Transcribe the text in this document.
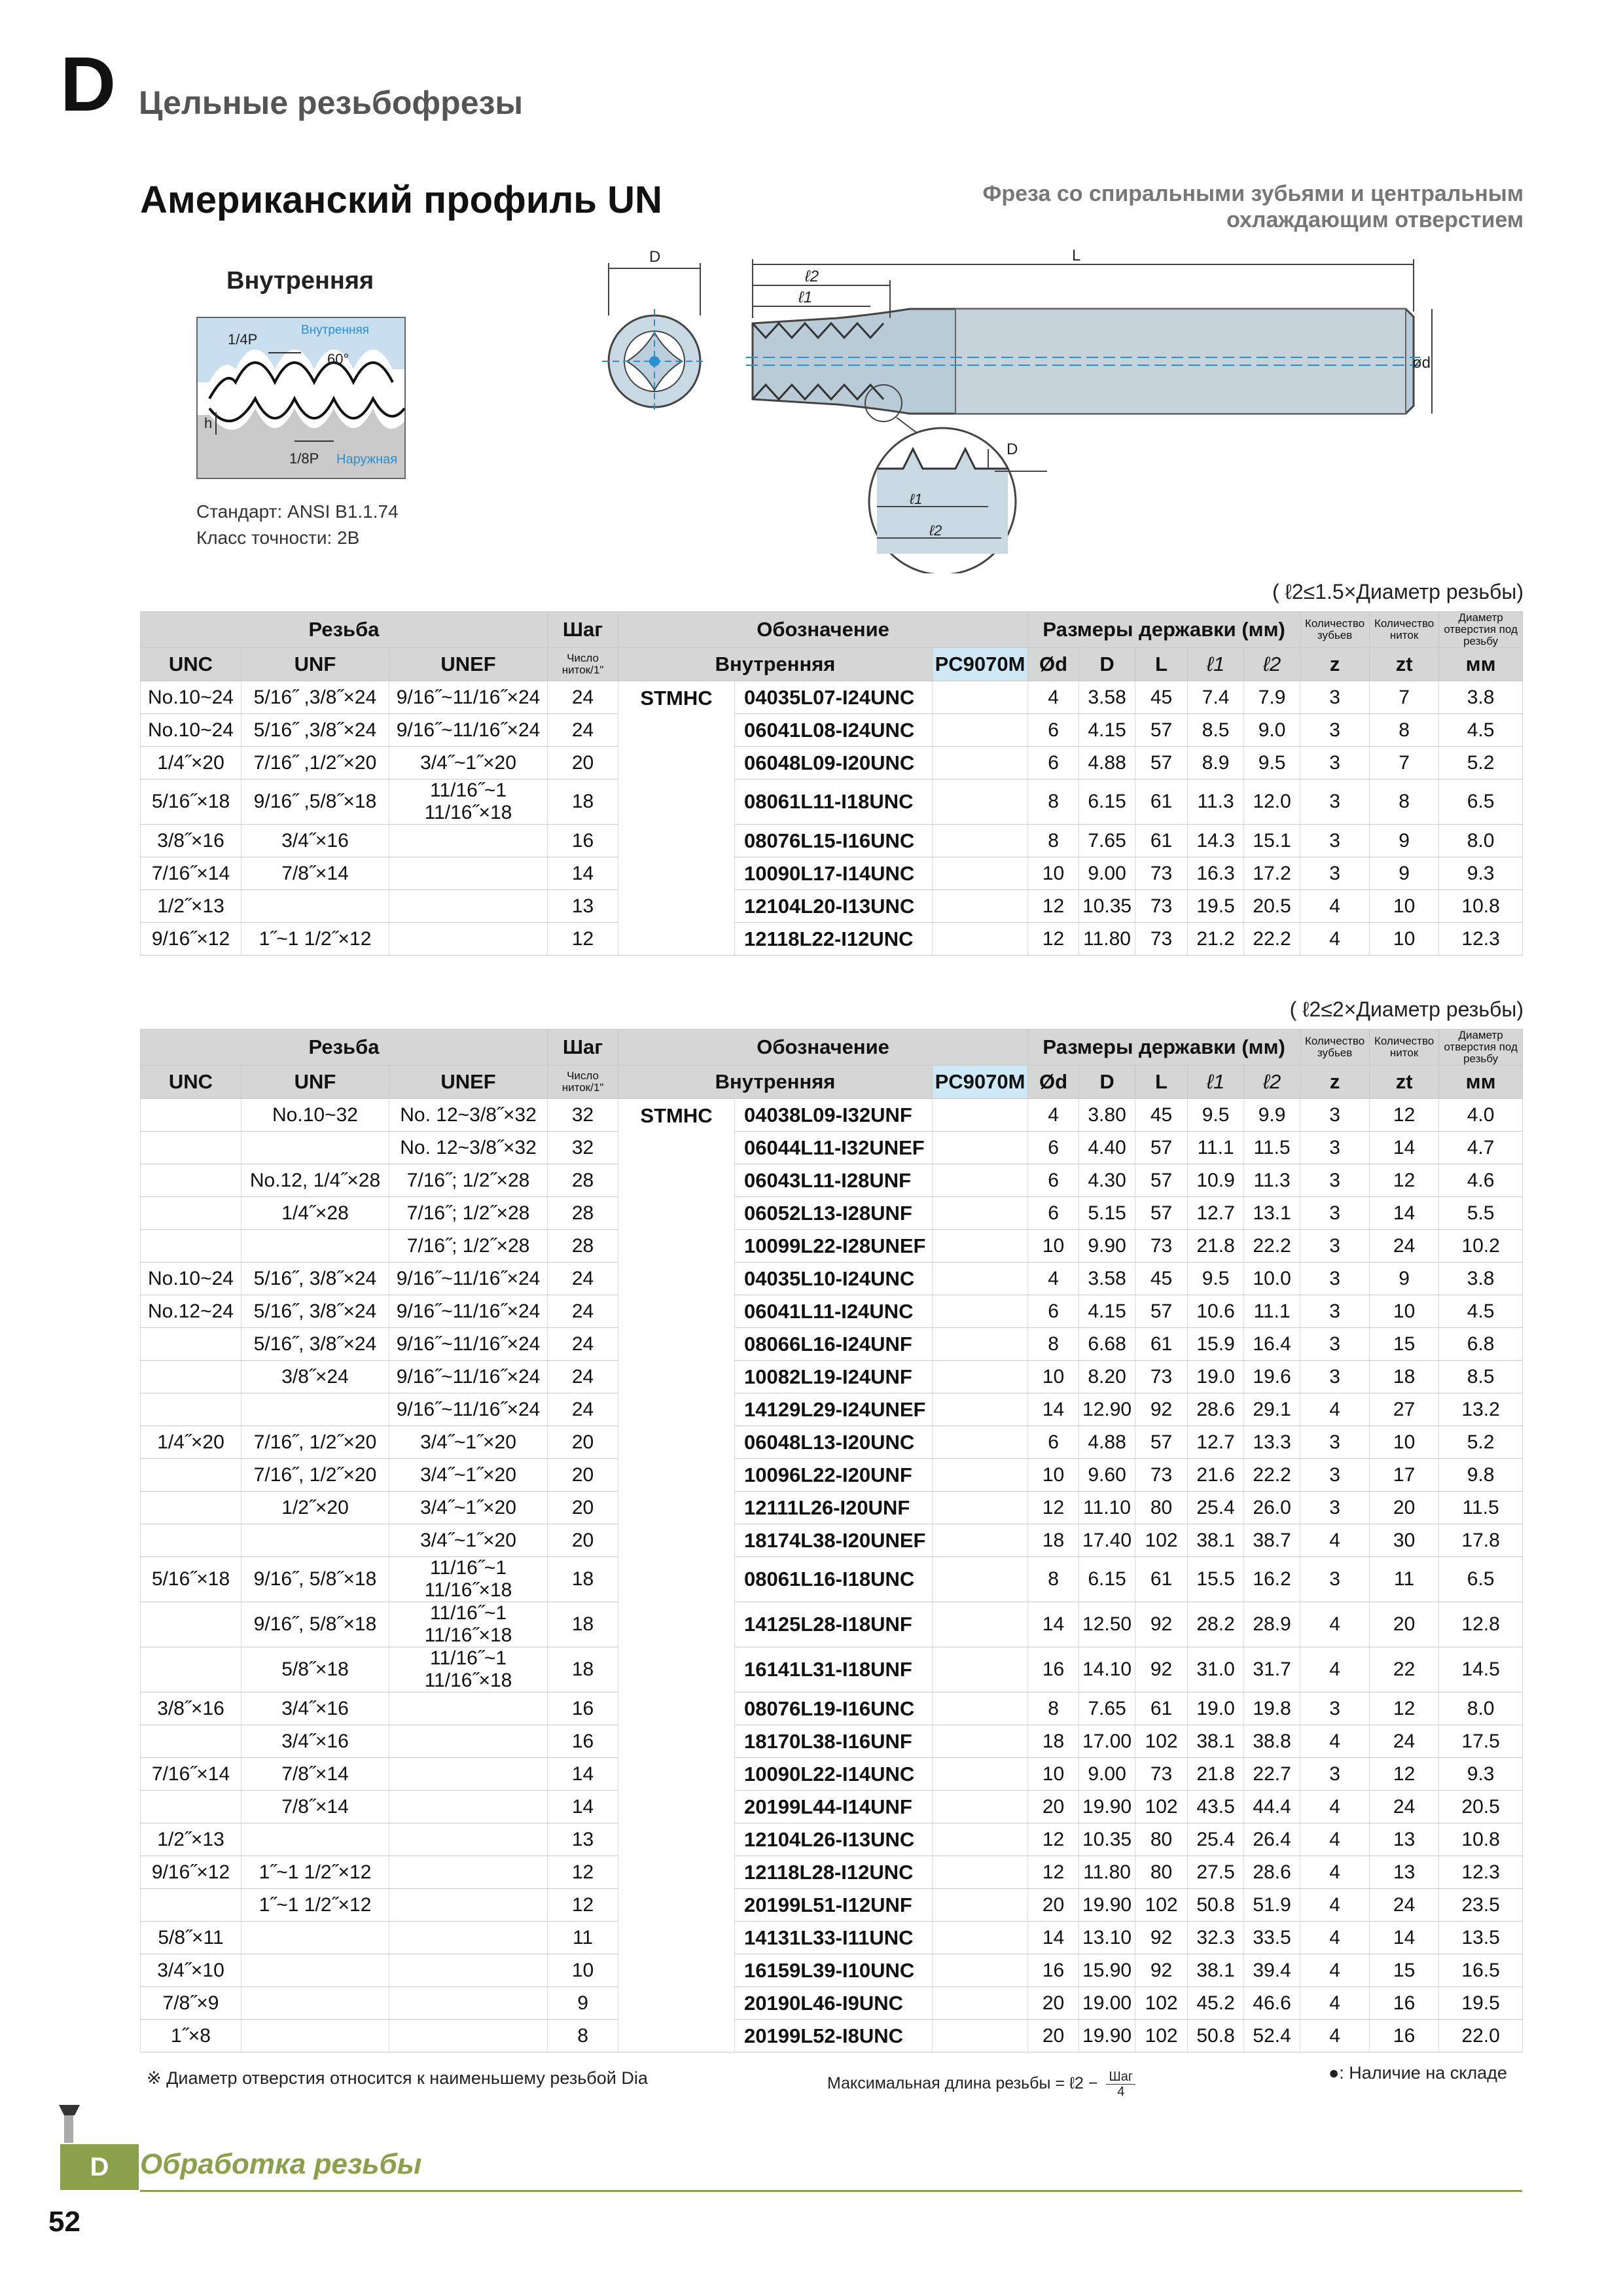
D Цельные резьбофрезы
Американский профиль UN	Фреза со спиральными зубьями и центральным
охлаждающим отверстием
Внутренняя
1/4P
Внутренняя
60°
h
1/8P Наружная
Стандарт: ANSI B1.1.74
Класс точности: 2B
D	L
ℓ2
ℓ1
ød
D
ℓ1
ℓ2
( ℓ2≤1.5×Диаметр резьбы)
Резьба			Шаг	Обозначение			Размеры державки (мм)					Количество зубьев	Количество ниток	Диаметр отверстия под резьбу
UNC	UNF	UNEF	Число ниток/1"	Внутренняя		PC9070M	Ød	D	L	ℓ1	ℓ2	z	zt	мм
No.10~24	5/16˝ ,3/8˝×24	9/16˝~11/16˝×24	24	STMHC	04035L07-I24UNC		4	3.58	45	7.4	7.9	3	7	3.8
No.10~24	5/16˝ ,3/8˝×24	9/16˝~11/16˝×24	24		06041L08-I24UNC		6	4.15	57	8.5	9.0	3	8	4.5
1/4˝×20	7/16˝ ,1/2˝×20	3/4˝~1˝×20	20		06048L09-I20UNC		6	4.88	57	8.9	9.5	3	7	5.2
5/16˝×18	9/16˝ ,5/8˝×18	11/16˝~1 11/16˝×18	18		08061L11-I18UNC		8	6.15	61	11.3	12.0	3	8	6.5
3/8˝×16	3/4˝×16		16		08076L15-I16UNC		8	7.65	61	14.3	15.1	3	9	8.0
7/16˝×14	7/8˝×14		14		10090L17-I14UNC		10	9.00	73	16.3	17.2	3	9	9.3
1/2˝×13			13		12104L20-I13UNC		12	10.35	73	19.5	20.5	4	10	10.8
9/16˝×12	1˝~1 1/2˝×12		12		12118L22-I12UNC		12	11.80	73	21.2	22.2	4	10	12.3
( ℓ2≤2×Диаметр резьбы)
Резьба			Шаг	Обозначение			Размеры державки (мм)					Количество зубьев	Количество ниток	Диаметр отверстия под резьбу
UNC	UNF	UNEF	Число ниток/1"	Внутренняя		PC9070M	Ød	D	L	ℓ1	ℓ2	z	zt	мм
	No.10~32	No. 12~3/8˝×32	32	STMHC	04038L09-I32UNF		4	3.80	45	9.5	9.9	3	12	4.0
		No. 12~3/8˝×32	32		06044L11-I32UNEF		6	4.40	57	11.1	11.5	3	14	4.7
	No.12, 1/4˝×28	7/16˝; 1/2˝×28	28		06043L11-I28UNF		6	4.30	57	10.9	11.3	3	12	4.6
	1/4˝×28	7/16˝; 1/2˝×28	28		06052L13-I28UNF		6	5.15	57	12.7	13.1	3	14	5.5
		7/16˝; 1/2˝×28	28		10099L22-I28UNEF		10	9.90	73	21.8	22.2	3	24	10.2
No.10~24	5/16˝, 3/8˝×24	9/16˝~11/16˝×24	24		04035L10-I24UNC		4	3.58	45	9.5	10.0	3	9	3.8
No.12~24	5/16˝, 3/8˝×24	9/16˝~11/16˝×24	24		06041L11-I24UNC		6	4.15	57	10.6	11.1	3	10	4.5
	5/16˝, 3/8˝×24	9/16˝~11/16˝×24	24		08066L16-I24UNF		8	6.68	61	15.9	16.4	3	15	6.8
	3/8˝×24	9/16˝~11/16˝×24	24		10082L19-I24UNF		10	8.20	73	19.0	19.6	3	18	8.5
		9/16˝~11/16˝×24	24		14129L29-I24UNEF		14	12.90	92	28.6	29.1	4	27	13.2
1/4˝×20	7/16˝, 1/2˝×20	3/4˝~1˝×20	20		06048L13-I20UNC		6	4.88	57	12.7	13.3	3	10	5.2
	7/16˝, 1/2˝×20	3/4˝~1˝×20	20		10096L22-I20UNF		10	9.60	73	21.6	22.2	3	17	9.8
	1/2˝×20	3/4˝~1˝×20	20		12111L26-I20UNF		12	11.10	80	25.4	26.0	3	20	11.5
		3/4˝~1˝×20	20		18174L38-I20UNEF		18	17.40	102	38.1	38.7	4	30	17.8
5/16˝×18	9/16˝, 5/8˝×18	11/16˝~1 11/16˝×18	18		08061L16-I18UNC		8	6.15	61	15.5	16.2	3	11	6.5
	9/16˝, 5/8˝×18	11/16˝~1 11/16˝×18	18		14125L28-I18UNF		14	12.50	92	28.2	28.9	4	20	12.8
	5/8˝×18	11/16˝~1 11/16˝×18	18		16141L31-I18UNF		16	14.10	92	31.0	31.7	4	22	14.5
3/8˝×16	3/4˝×16		16		08076L19-I16UNC		8	7.65	61	19.0	19.8	3	12	8.0
	3/4˝×16		16		18170L38-I16UNF		18	17.00	102	38.1	38.8	4	24	17.5
7/16˝×14	7/8˝×14		14		10090L22-I14UNC		10	9.00	73	21.8	22.7	3	12	9.3
	7/8˝×14		14		20199L44-I14UNF		20	19.90	102	43.5	44.4	4	24	20.5
1/2˝×13			13		12104L26-I13UNC		12	10.35	80	25.4	26.4	4	13	10.8
9/16˝×12	1˝~1 1/2˝×12		12		12118L28-I12UNC		12	11.80	80	27.5	28.6	4	13	12.3
	1˝~1 1/2˝×12		12		20199L51-I12UNF		20	19.90	102	50.8	51.9	4	24	23.5
5/8˝×11			11		14131L33-I11UNC		14	13.10	92	32.3	33.5	4	14	13.5
3/4˝×10			10		16159L39-I10UNC		16	15.90	92	38.1	39.4	4	15	16.5
7/8˝×9			9		20190L46-I9UNC		20	19.00	102	45.2	46.6	4	16	19.5
1˝×8			8		20199L52-I8UNC		20	19.90	102	50.8	52.4	4	16	22.0
※ Диаметр отверстия относится к наименьшему резьбой Dia	Максимальная длина резьбы = ℓ2 − Шаг
4
●: Наличие на складе
D	Обработка резьбы
52
